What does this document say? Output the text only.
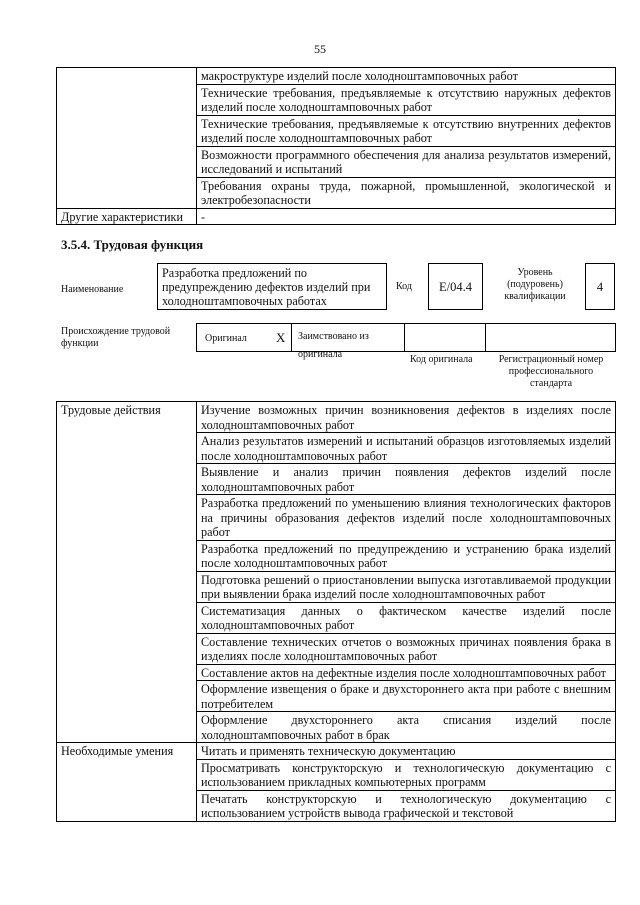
55
	макроструктуре изделий после холодноштамповочных работ
	Технические требования, предъявляемые к отсутствию наружных дефектов изделий после холодноштамповочных работ
	Технические требования, предъявляемые к отсутствию внутренних дефектов изделий после холодноштамповочных работ
	Возможности программного обеспечения для анализа результатов измерений, исследований и испытаний
	Требования охраны труда, пожарной, промышленной, экологической и электробезопасности
Другие характеристики	-
3.5.4. Трудовая функция
Наименование
Разработка предложений по предупреждению дефектов изделий при холодноштамповочных работах
Код	E/04.4
Уровень (подуровень) квалификации
4
Происхождение трудовой функции	Оригинал X	Заимствовано из оригинала	Код оригинала	Регистрационный номер профессионального стандарта
Трудовые действия	Изучение возможных причин возникновения дефектов в изделиях после холодноштамповочных работ
	Анализ результатов измерений и испытаний образцов изготовляемых изделий после холодноштамповочных работ
	Выявление и анализ причин появления дефектов изделий после холодноштамповочных работ
	Разработка предложений по уменьшению влияния технологических факторов на причины образования дефектов изделий после холодноштамповочных работ
	Разработка предложений по предупреждению и устранению брака изделий после холодноштамповочных работ
	Подготовка решений о приостановлении выпуска изготавливаемой продукции при выявлении брака изделий после холодноштамповочных работ
	Систематизация данных о фактическом качестве изделий после холодноштамповочных работ
	Составление технических отчетов о возможных причинах появления брака в изделиях после холодноштамповочных работ
	Составление актов на дефектные изделия после холодноштамповочных работ
	Оформление извещения о браке и двухстороннего акта при работе с внешним потребителем
	Оформление двухстороннего акта списания изделий после холодноштамповочных работ в брак
Необходимые умения	Читать и применять техническую документацию
	Просматривать конструкторскую и технологическую документацию с использованием прикладных компьютерных программ
	Печатать конструкторскую и технологическую документацию с использованием устройств вывода графической и текстовой
